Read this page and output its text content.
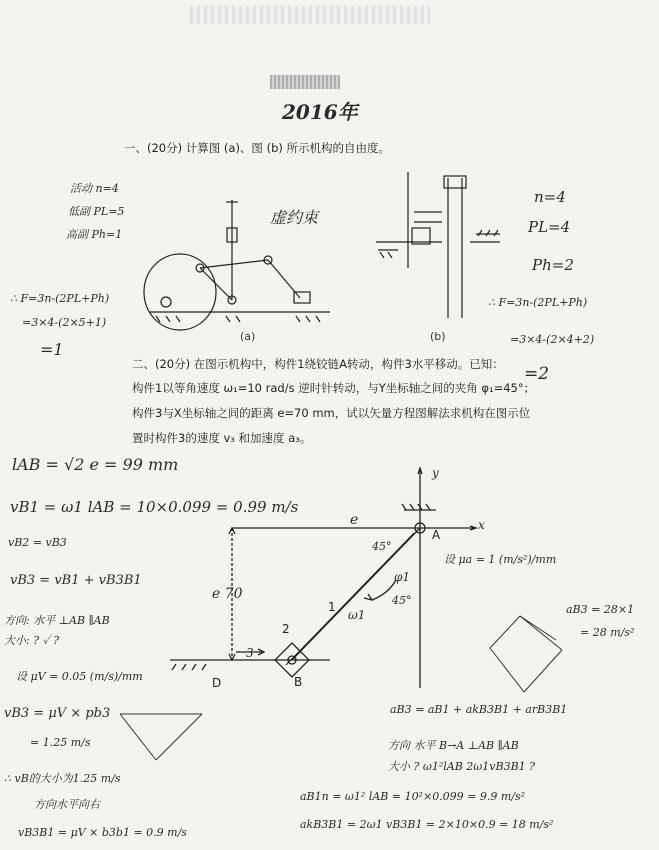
2016年
一、(20分) 计算图 (a)、图 (b) 所示机构的自由度。
活动 n=4
低副 PL=5
高副 Ph=1
∴ F=3n-(2PL+Ph)
=3×4-(2×5+1)
=1
虚约束
n=4
PL=4
Ph=2
∴ F=3n-(2PL+Ph)
=3×4-(2×4+2)
=2
(a)	(b)
二、(20分) 在图示机构中，构件1绕铰链A转动，构件3水平移动。已知：
构件1以等角速度 ω₁=10 rad/s 逆时针转动，与Y坐标轴之间的夹角 φ₁=45°；
构件3与X坐标轴之间的距离 e=70 mm，试以矢量方程图解法求机构在图示位
置时构件3的速度 v₃ 和加速度 a₃。
lAB = √2 e = 99 mm
vB1 = ω1 lAB = 10×0.099 = 0.99 m/s
vB2 = vB3
vB3 = vB1 + vB3B1
方向: 水平 ⊥AB ∥AB
大小: ? ✓ ?
设 μV = 0.05 (m/s)/mm
vB3 = μV × pb3
= 1.25 m/s
∴ vB的大小为1.25 m/s
方向水平向右
vB3B1 = μV × b3b1 = 0.9 m/s
设 μa = 1 (m/s²)/mm
aB3 = 28×1
= 28 m/s²
aB3 = aB1 + akB3B1 + arB3B1
方向 水平 B→A ⊥AB ∥AB
大小 ? ω1²lAB 2ω1vB3B1 ?
aB1n = ω1² lAB = 10²×0.099 = 9.9 m/s²
akB3B1 = 2ω1 vB3B1 = 2×10×0.9 = 18 m/s²
y
x
A
B
D
e
e 70
45°
45°
φ1
ω1
1
2
3
